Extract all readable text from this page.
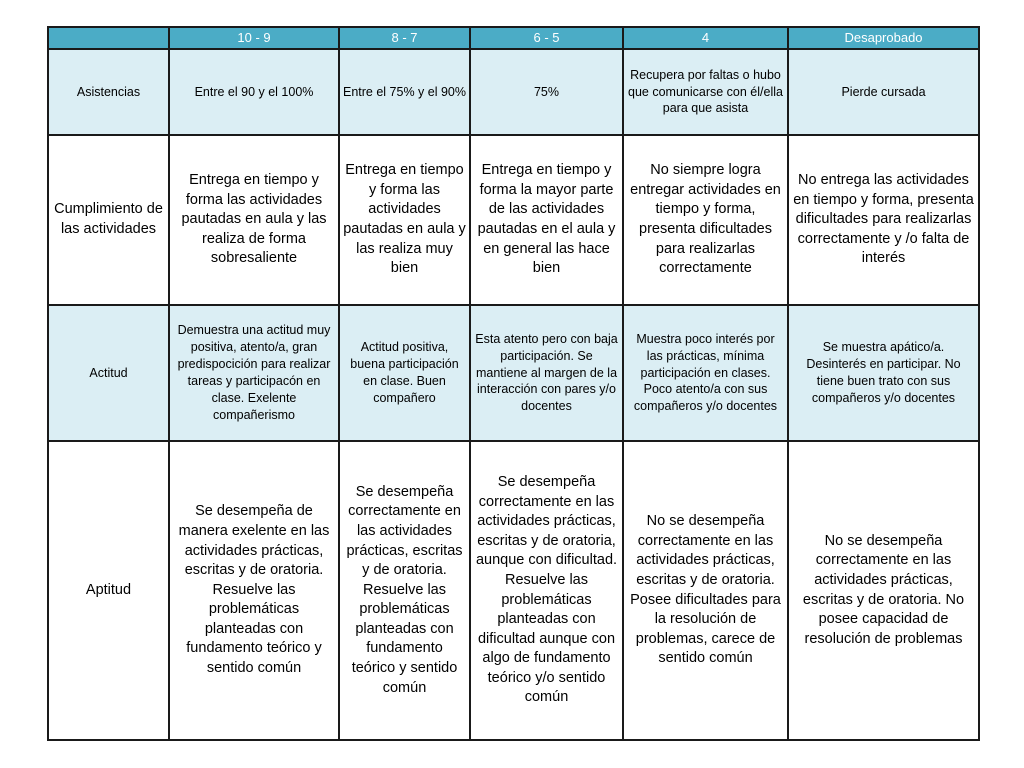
	10 - 9	8 - 7	6 - 5	4	Desaprobado
Asistencias	Entre el 90 y el 100%	Entre el 75% y el 90%	75%	Recupera por faltas o hubo que comunicarse con él/ella para que asista	Pierde cursada
Cumplimiento de las actividades	Entrega en tiempo y forma las actividades pautadas en aula y las realiza de forma sobresaliente	Entrega en tiempo y forma las actividades pautadas en aula y las realiza muy bien	Entrega en tiempo y forma la mayor parte de las actividades pautadas en el aula y en general las hace bien	No siempre logra entregar actividades en tiempo y forma, presenta dificultades para realizarlas correctamente	No entrega las actividades en tiempo y forma, presenta dificultades para realizarlas correctamente y /o falta de interés
Actitud	Demuestra una actitud muy positiva, atento/a, gran predispocición para realizar tareas y participacón en clase. Exelente compañerismo	Actitud positiva, buena participación en clase. Buen compañero	Esta atento pero con baja participación. Se mantiene al margen de la interacción con pares y/o docentes	Muestra poco interés por las prácticas, mínima participación en clases. Poco atento/a con sus compañeros y/o docentes	Se muestra apático/a. Desinterés en participar. No tiene buen trato con sus compañeros y/o docentes
Aptitud	Se desempeña de manera exelente en las actividades prácticas, escritas y de oratoria. Resuelve las problemáticas planteadas con fundamento teórico y sentido común	Se desempeña correctamente en las actividades prácticas, escritas y de oratoria. Resuelve las problemáticas planteadas con fundamento teórico y sentido común	Se desempeña correctamente en las actividades prácticas, escritas y de oratoria, aunque con dificultad. Resuelve las problemáticas planteadas con dificultad aunque con algo de fundamento teórico y/o sentido común	No se desempeña correctamente en las actividades prácticas, escritas y de oratoria. Posee dificultades para la resolución de problemas, carece de sentido común	No se desempeña correctamente en las actividades prácticas, escritas y de oratoria. No posee capacidad de resolución de problemas
